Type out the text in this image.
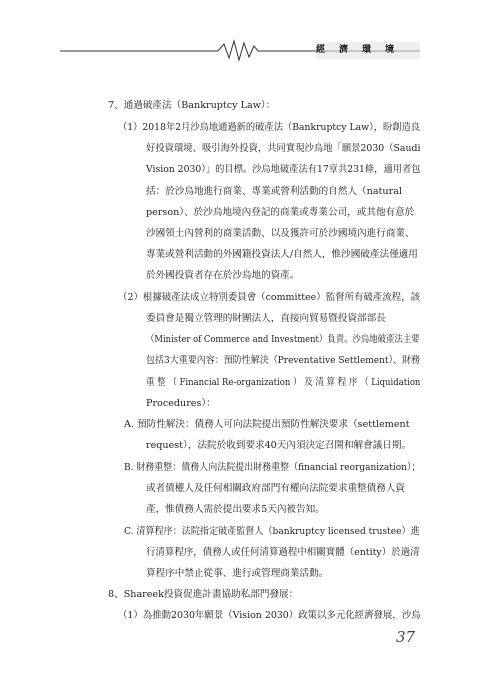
經濟環境
7、通過破產法（Bankruptcy Law）：
（1）2018年2月沙烏地通過新的破產法（Bankruptcy Law），盼創造良
好投資環境、吸引海外投資，共同實現沙烏地「願景2030（Saudi
Vision 2030）」的目標。沙烏地破產法有17章共231條，適用者包
括：於沙烏地進行商業、專業或營利活動的自然人（natural
person）、於沙烏地境內登記的商業或專業公司，或其他有意於
沙國領土內營利的商業活動、以及獲許可於沙國境內進行商業、
專業或營利活動的外國籍投資法人/自然人，惟沙國破產法僅適用
於外國投資者存在於沙烏地的資產。
（2）根據破產法成立特別委員會（committee）監督所有破產流程，該
委員會是獨立管理的財團法人，直接向貿易暨投資部部長
（Minister of Commerce and Investment）負責。沙烏地破產法主要
包括3大重要內容：預防性解決（Preventative Settlement）、財務
重 整 （ Financial Re-organization ） 及 清 算 程 序 （ Liquidation
Procedures）：
A. 預防性解決：債務人可向法院提出預防性解決要求（settlement
request），法院於收到要求40天內須決定召開和解會議日期。
B. 財務重整：債務人向法院提出財務重整（financial reorganization）；
或者債權人及任何相關政府部門有權向法院要求重整債務人資
產，惟債務人需於提出要求5天內被告知。
C. 清算程序：法院指定破產監督人（bankruptcy licensed trustee）進
行清算程序，債務人或任何清算過程中相關實體（entity）於過清
算程序中禁止從事、進行或管理商業活動。
8、Shareek投資促進計畫協助私部門發展：
（1）為推動2030年願景（Vision 2030）政策以多元化經濟發展，沙烏
37
